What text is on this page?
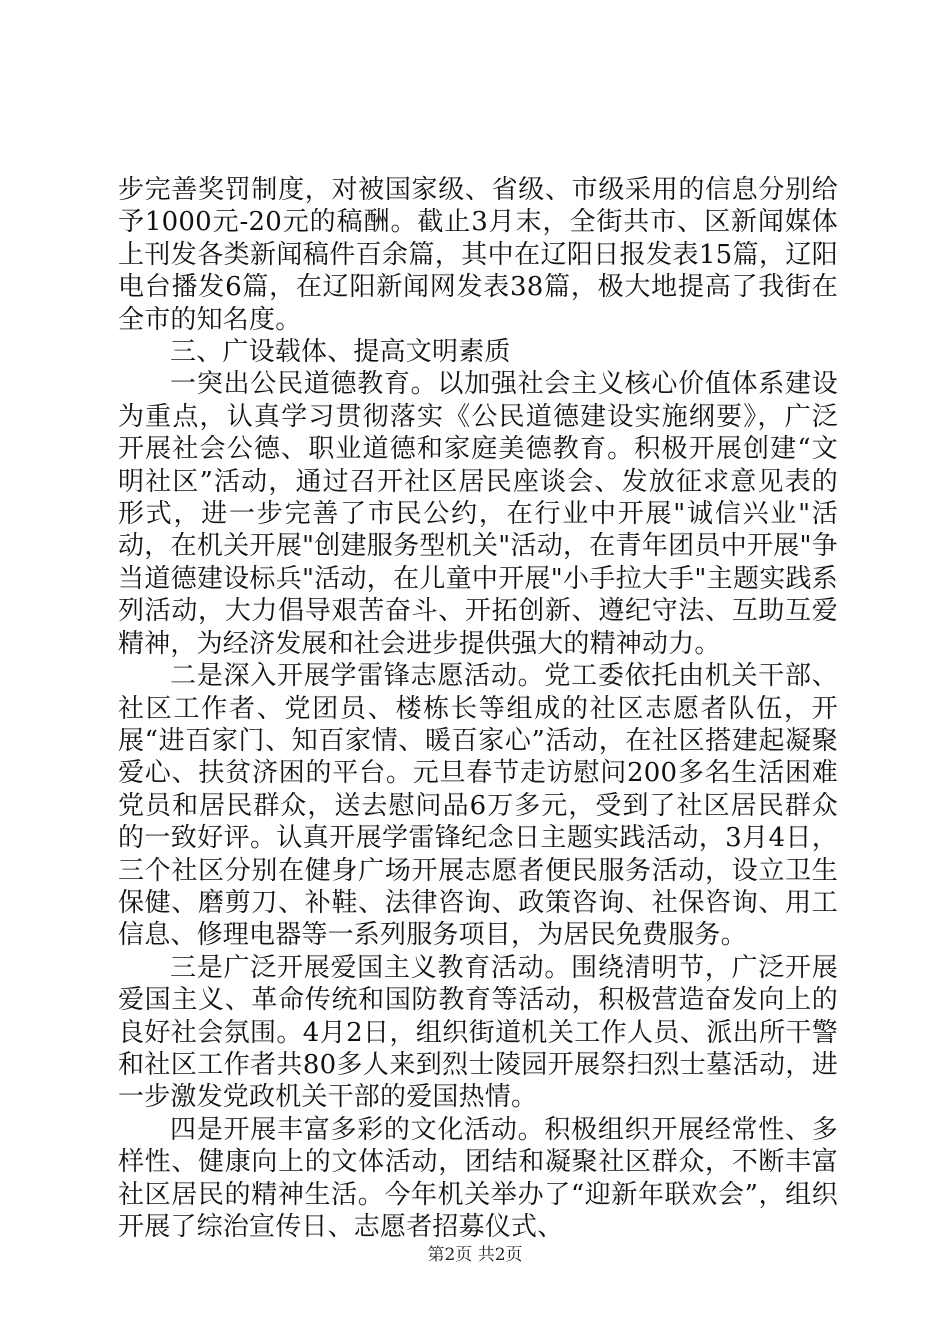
步完善奖罚制度，对被国家级、省级、市级采用的信息分别给予1000元-20元的稿酬。截止3月末，全街共市、区新闻媒体上刊发各类新闻稿件百余篇，其中在辽阳日报发表15篇，辽阳电台播发6篇，在辽阳新闻网发表38篇，极大地提高了我街在全市的知名度。

三、广设载体、提高文明素质

一突出公民道德教育。以加强社会主义核心价值体系建设为重点，认真学习贯彻落实《公民道德建设实施纲要》，广泛开展社会公德、职业道德和家庭美德教育。积极开展创建“文明社区”活动，通过召开社区居民座谈会、发放征求意见表的形式，进一步完善了市民公约，在行业中开展"诚信兴业"活动，在机关开展"创建服务型机关"活动，在青年团员中开展"争当道德建设标兵"活动，在儿童中开展"小手拉大手"主题实践系列活动，大力倡导艰苦奋斗、开拓创新、遵纪守法、互助互爱精神，为经济发展和社会进步提供强大的精神动力。

二是深入开展学雷锋志愿活动。党工委依托由机关干部、社区工作者、党团员、楼栋长等组成的社区志愿者队伍，开展“进百家门、知百家情、暖百家心”活动，在社区搭建起凝聚爱心、扶贫济困的平台。元旦春节走访慰问200多名生活困难党员和居民群众，送去慰问品6万多元，受到了社区居民群众的一致好评。认真开展学雷锋纪念日主题实践活动，3月4日，三个社区分别在健身广场开展志愿者便民服务活动，设立卫生保健、磨剪刀、补鞋、法律咨询、政策咨询、社保咨询、用工信息、修理电器等一系列服务项目，为居民免费服务。

三是广泛开展爱国主义教育活动。围绕清明节，广泛开展爱国主义、革命传统和国防教育等活动，积极营造奋发向上的良好社会氛围。4月2日，组织街道机关工作人员、派出所干警和社区工作者共80多人来到烈士陵园开展祭扫烈士墓活动，进一步激发党政机关干部的爱国热情。

四是开展丰富多彩的文化活动。积极组织开展经常性、多样性、健康向上的文体活动，团结和凝聚社区群众，不断丰富社区居民的精神生活。今年机关举办了“迎新年联欢会”，组织开展了综治宣传日、志愿者招募仪式、

第2页 共2页
